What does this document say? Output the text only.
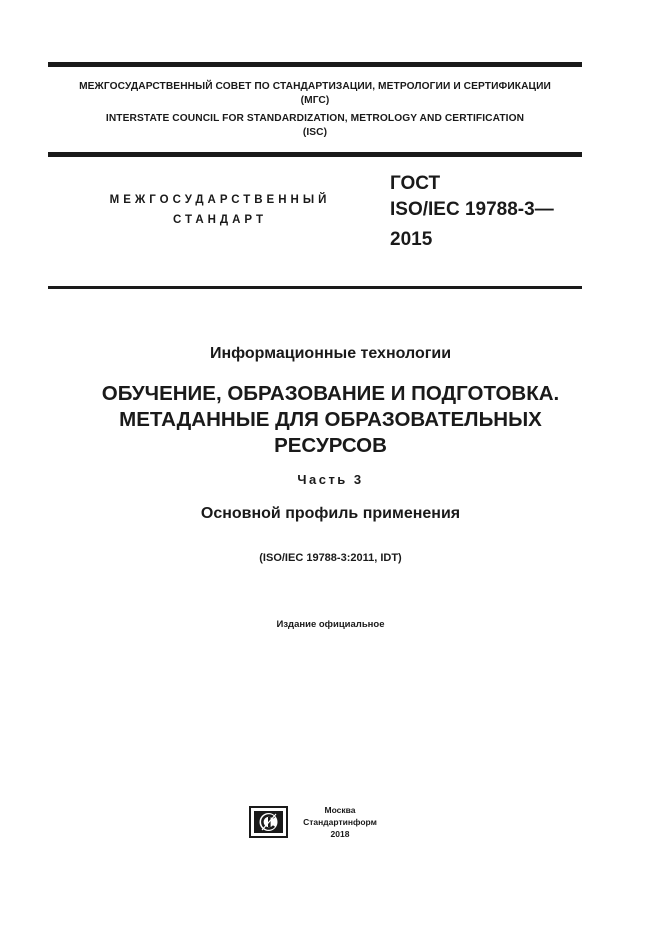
МЕЖГОСУДАРСТВЕННЫЙ СОВЕТ ПО СТАНДАРТИЗАЦИИ, МЕТРОЛОГИИ И СЕРТИФИКАЦИИ
(МГС)
INTERSTATE COUNCIL FOR STANDARDIZATION, METROLOGY AND CERTIFICATION
(ISC)
МЕЖГОСУДАРСТВЕННЫЙ
СТАНДАРТ
ГОСТ
ISO/IEC 19788-3—
2015
Информационные технологии
ОБУЧЕНИЕ, ОБРАЗОВАНИЕ И ПОДГОТОВКА.
МЕТАДАННЫЕ ДЛЯ ОБРАЗОВАТЕЛЬНЫХ
РЕСУРСОВ
Часть 3
Основной профиль применения
(ISO/IEC 19788-3:2011, IDT)
Издание официальное
Москва
Стандартинформ
2018
